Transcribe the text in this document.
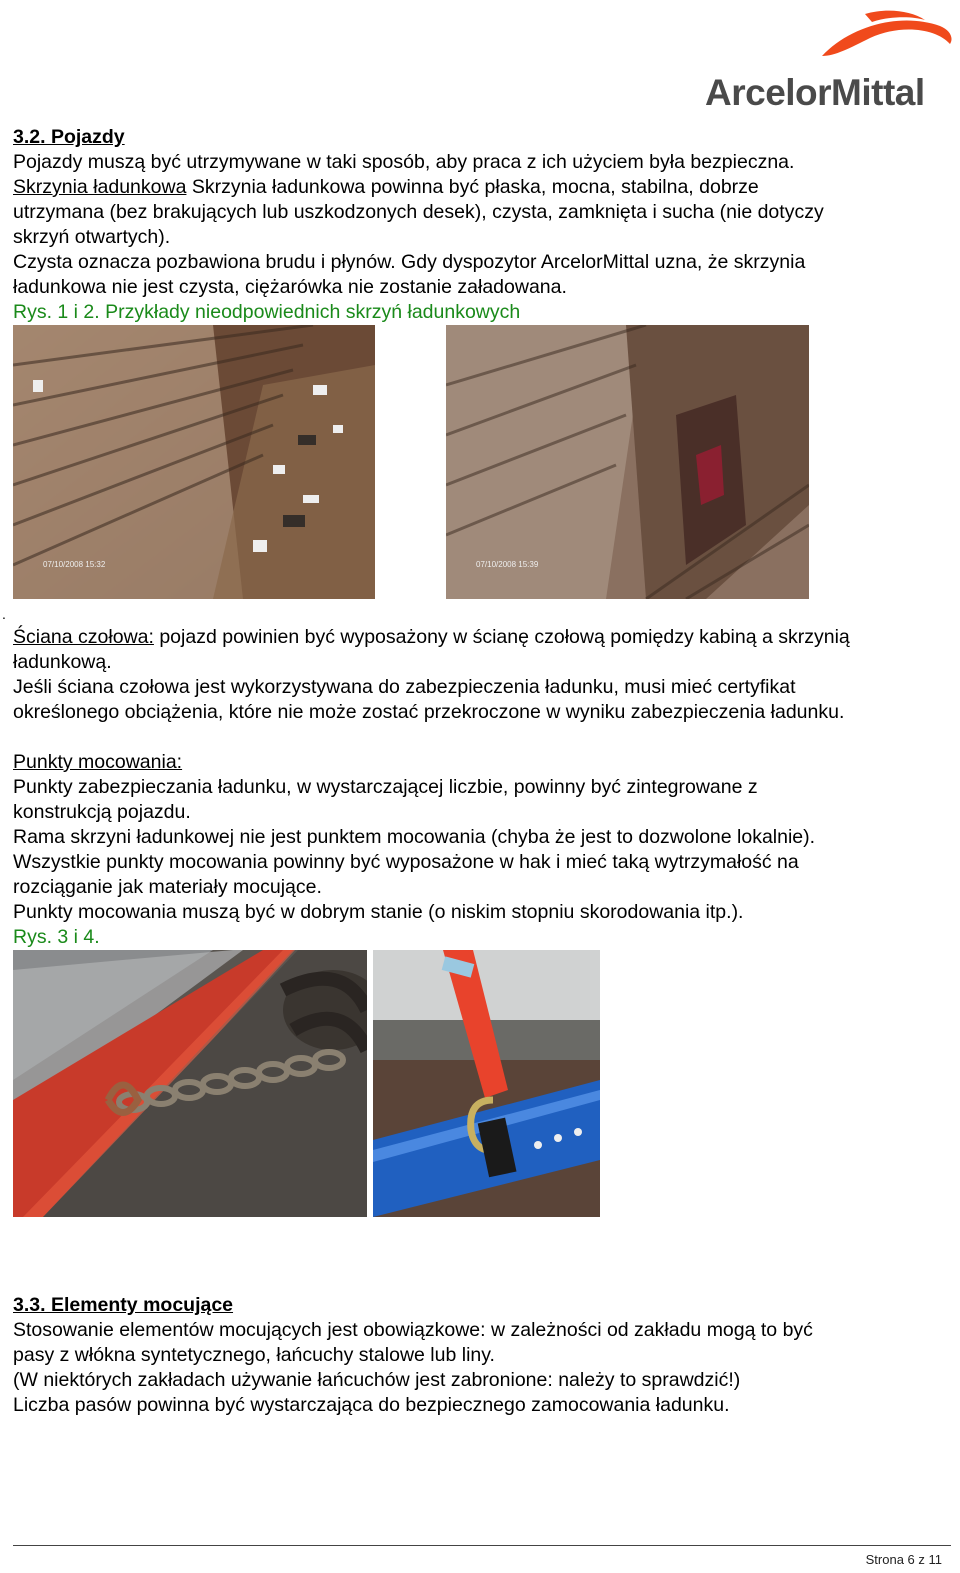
ArcelorMittal
3.2. Pojazdy
Pojazdy muszą być utrzymywane w taki sposób, aby praca z ich użyciem była bezpieczna.
Skrzynia ładunkowa Skrzynia ładunkowa powinna być płaska, mocna, stabilna, dobrze
utrzymana (bez brakujących lub uszkodzonych desek), czysta, zamknięta i sucha (nie dotyczy
skrzyń otwartych).
Czysta oznacza pozbawiona brudu i płynów. Gdy dyspozytor ArcelorMittal uzna, że skrzynia
ładunkowa nie jest czysta, ciężarówka nie zostanie załadowana.
Rys. 1 i 2. Przykłady nieodpowiednich skrzyń ładunkowych
07/10/2008 15:32	07/10/2008 15:39
.
Ściana czołowa: pojazd powinien być wyposażony w ścianę czołową pomiędzy kabiną a skrzynią
ładunkową.
Jeśli ściana czołowa jest wykorzystywana do zabezpieczenia ładunku, musi mieć certyfikat
określonego obciążenia, które nie może zostać przekroczone w wyniku zabezpieczenia ładunku.
Punkty mocowania:
Punkty zabezpieczania ładunku, w wystarczającej liczbie, powinny być zintegrowane z
konstrukcją pojazdu.
Rama skrzyni ładunkowej nie jest punktem mocowania (chyba że jest to dozwolone lokalnie).
Wszystkie punkty mocowania powinny być wyposażone w hak i mieć taką wytrzymałość na
rozciąganie jak materiały mocujące.
Punkty mocowania muszą być w dobrym stanie (o niskim stopniu skorodowania itp.).
Rys. 3 i 4.
3.3. Elementy mocujące
Stosowanie elementów mocujących jest obowiązkowe: w zależności od zakładu mogą to być
pasy z włókna syntetycznego, łańcuchy stalowe lub liny.
(W niektórych zakładach używanie łańcuchów jest zabronione: należy to sprawdzić!)
Liczba pasów powinna być wystarczająca do bezpiecznego zamocowania ładunku.
Strona 6 z 11
